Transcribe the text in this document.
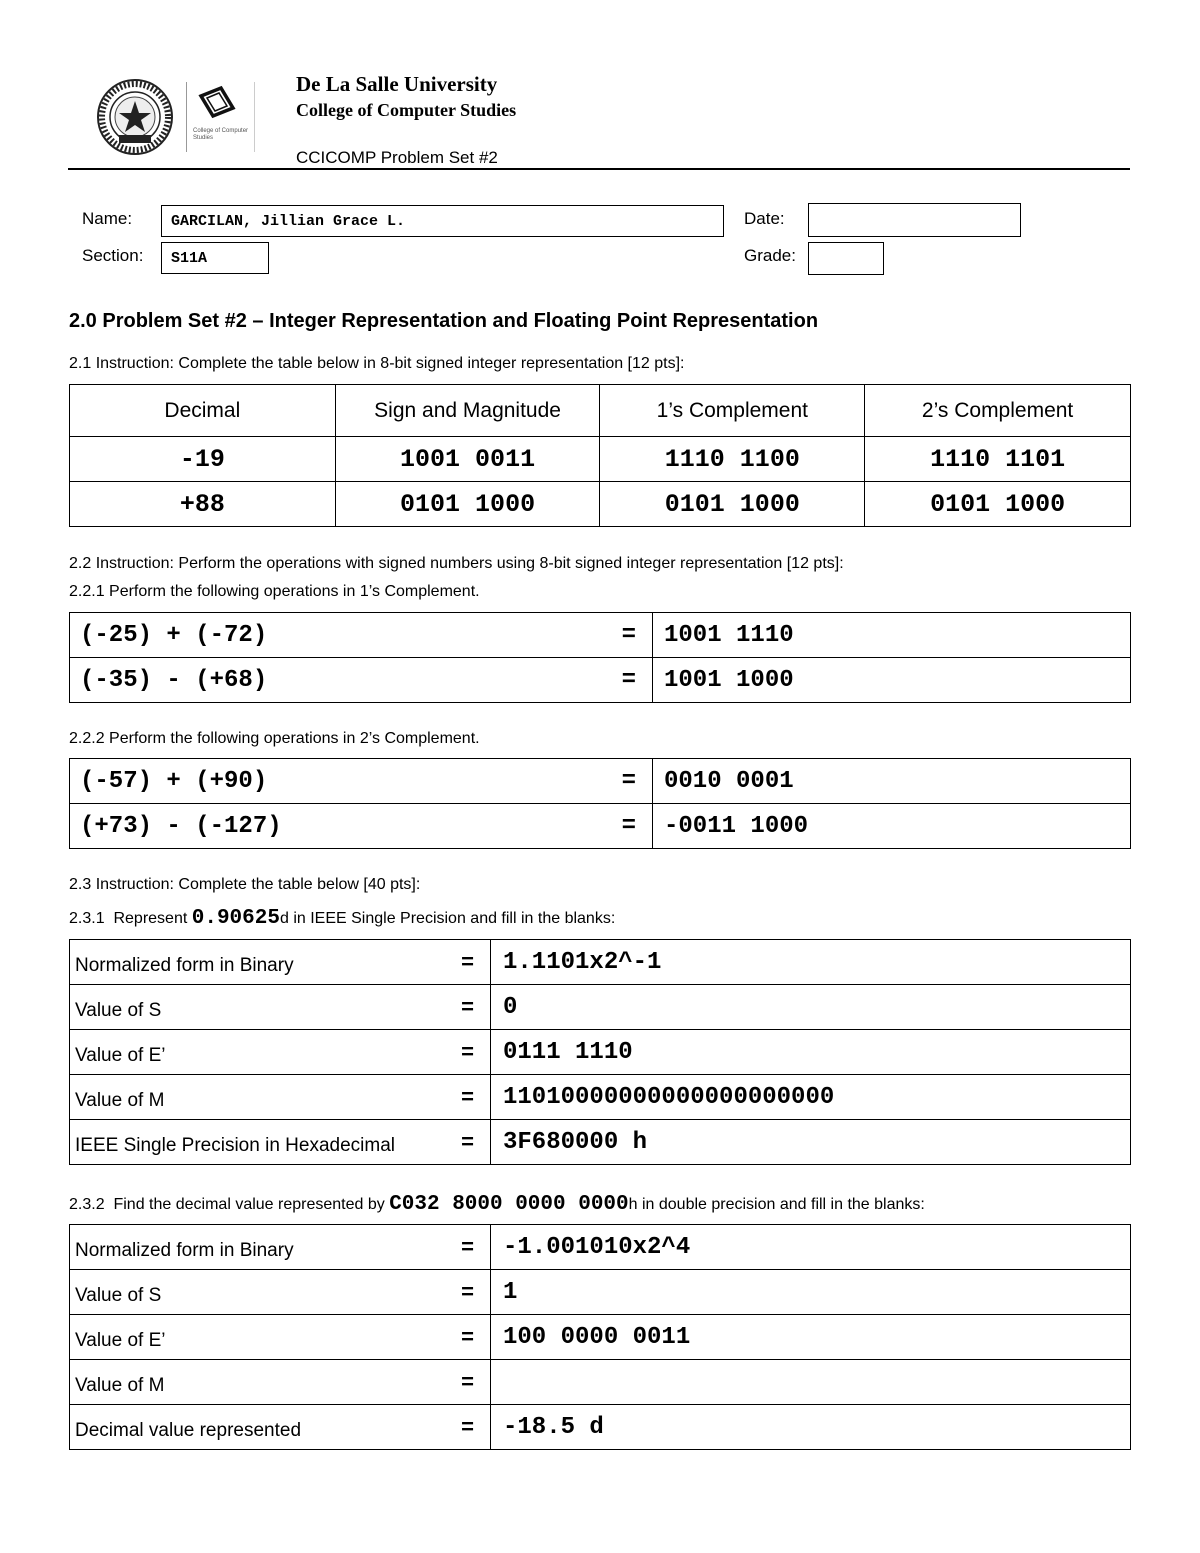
College of Computer Studies
De La Salle University
College of Computer Studies
CCICOMP Problem Set #2
Name:	GARCILAN, Jillian Grace L.
Section:	S11A
Date:
Grade:
2.0 Problem Set #2 – Integer Representation and Floating Point Representation
2.1 Instruction: Complete the table below in 8-bit signed integer representation [12 pts]:
Decimal	Sign and Magnitude	1’s Complement	2’s Complement
-19	1001 0011	1110 1100	1110 1101
+88	0101 1000	0101 1000	0101 1000
2.2 Instruction: Perform the operations with signed numbers using 8-bit signed integer representation [12 pts]:
2.2.1 Perform the following operations in 1’s Complement.
(-25) + (-72)	=	1001 1110
(-35) - (+68)	=	1001 1000
2.2.2 Perform the following operations in 2’s Complement.
(-57) + (+90)	=	0010 0001
(+73) - (-127)	=	-0011 1000
2.3 Instruction: Complete the table below [40 pts]:
2.3.1  Represent 0.90625d in IEEE Single Precision and fill in the blanks:
Normalized form in Binary	=	1.1101x2^-1
Value of S	=	0
Value of E’	=	0111 1110
Value of M	=	11010000000000000000000
IEEE Single Precision in Hexadecimal	=	3F680000 h
2.3.2  Find the decimal value represented by C032 8000 0000 0000h in double precision and fill in the blanks:
Normalized form in Binary	=	-1.001010x2^4
Value of S	=	1
Value of E’	=	100 0000 0011
Value of M	=	
Decimal value represented	=	-18.5 d
